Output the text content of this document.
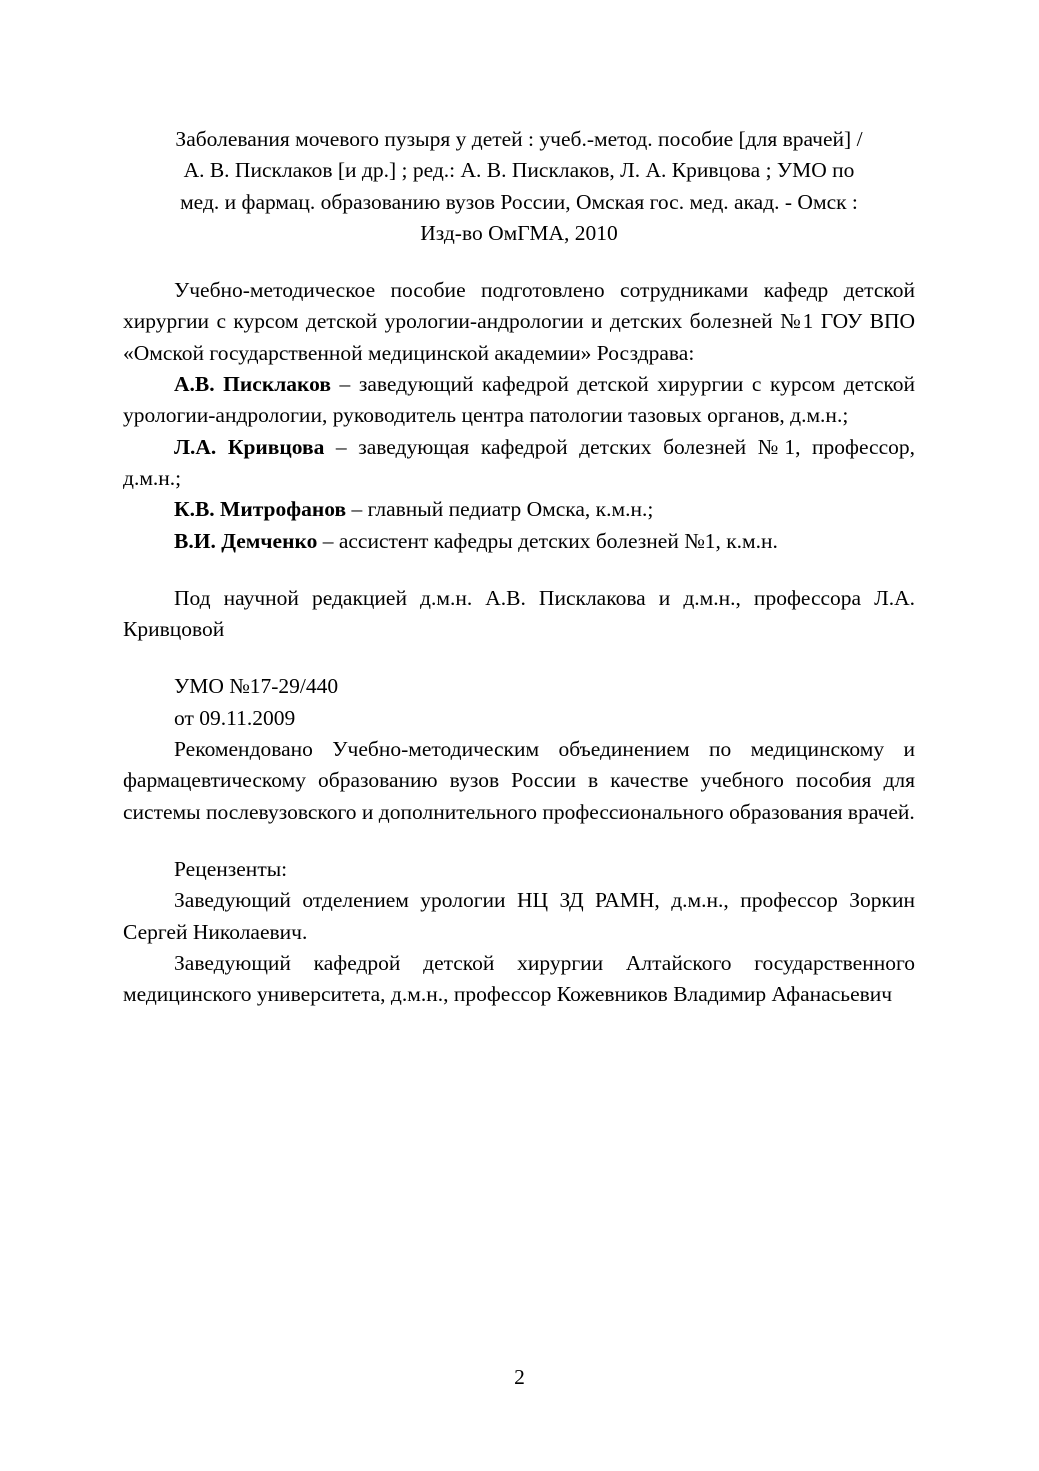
Заболевания мочевого пузыря у детей : учеб.-метод. пособие [для врачей] /
А. В. Писклаков [и др.] ; ред.: А. В. Писклаков, Л. А. Кривцова ; УМО по
мед. и фармац. образованию вузов России, Омская гос. мед. акад. - Омск :
Изд-во ОмГМА, 2010

Учебно-методическое пособие подготовлено сотрудниками кафедр детской хирургии с курсом детской урологии-андрологии и детских болезней №1 ГОУ ВПО «Омской государственной медицинской академии» Росздрава:

А.В. Писклаков – заведующий кафедрой детской хирургии с курсом детской урологии-андрологии, руководитель центра патологии тазовых органов, д.м.н.;

Л.А. Кривцова – заведующая кафедрой детских болезней №1, профессор, д.м.н.;

К.В. Митрофанов – главный педиатр Омска, к.м.н.;

В.И. Демченко – ассистент кафедры детских болезней №1, к.м.н.

Под научной редакцией д.м.н. А.В. Писклакова и д.м.н., профессора Л.А. Кривцовой

УМО №17-29/440

от 09.11.2009

Рекомендовано Учебно-методическим объединением по медицинскому и фармацевтическому образованию вузов России в качестве учебного пособия для системы послевузовского и дополнительного профессионального образования врачей.

Рецензенты:

Заведующий отделением урологии НЦ ЗД РАМН, д.м.н., профессор Зоркин Сергей Николаевич.

Заведующий кафедрой детской хирургии Алтайского государственного медицинского университета, д.м.н., профессор Кожевников Владимир Афанасьевич

2
